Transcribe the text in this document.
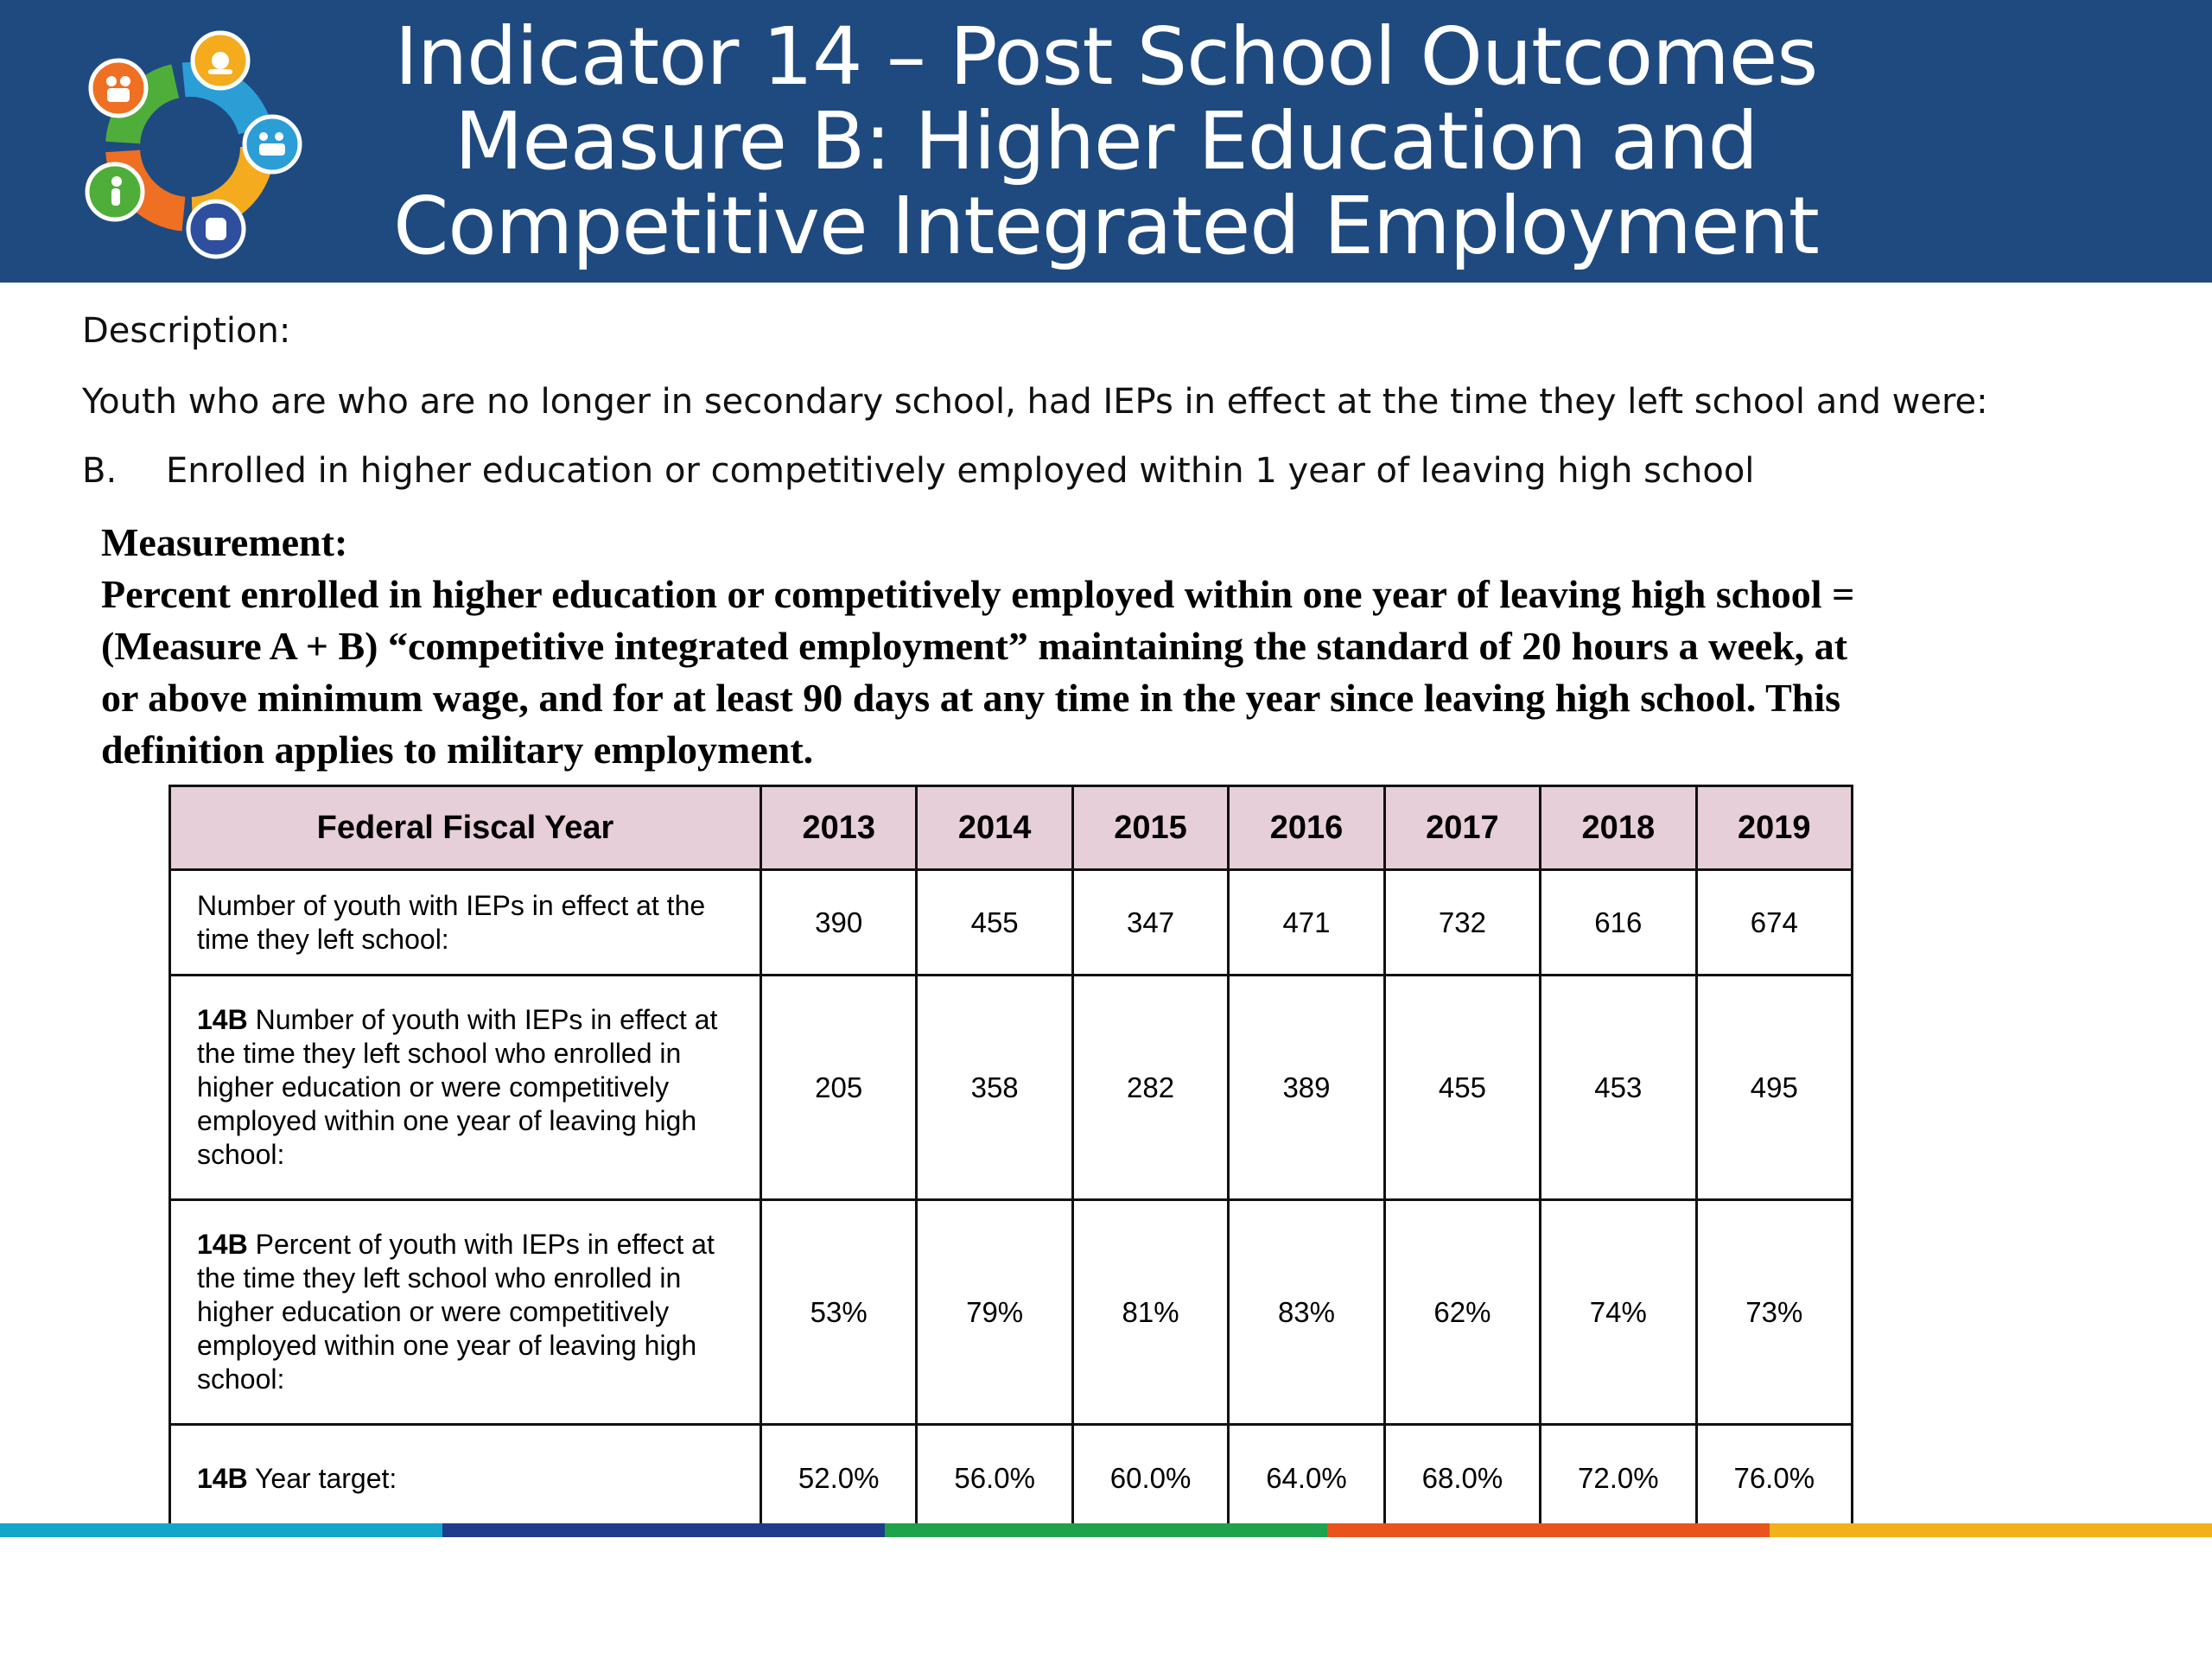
Indicator 14 – Post School Outcomes
Measure B: Higher Education and
Competitive Integrated Employment
Description:
Youth who are who are no longer in secondary school, had IEPs in effect at the time they left school and were:
B. Enrolled in higher education or competitively employed within 1 year of leaving high school
Measurement:
Percent enrolled in higher education or competitively employed within one year of leaving high school =
(Measure A + B) “competitive integrated employment” maintaining the standard of 20 hours a week, at
or above minimum wage, and for at least 90 days at any time in the year since leaving high school. This
definition applies to military employment.
Federal Fiscal Year	2013	2014	2015	2016	2017	2018	2019
Number of youth with IEPs in effect at the time they left school:	390	455	347	471	732	616	674
14B Number of youth with IEPs in effect at the time they left school who enrolled in higher education or were competitively employed within one year of leaving high school:	205	358	282	389	455	453	495
14B Percent of youth with IEPs in effect at the time they left school who enrolled in higher education or were competitively employed within one year of leaving high school:	53%	79%	81%	83%	62%	74%	73%
14B Year target:	52.0%	56.0%	60.0%	64.0%	68.0%	72.0%	76.0%
